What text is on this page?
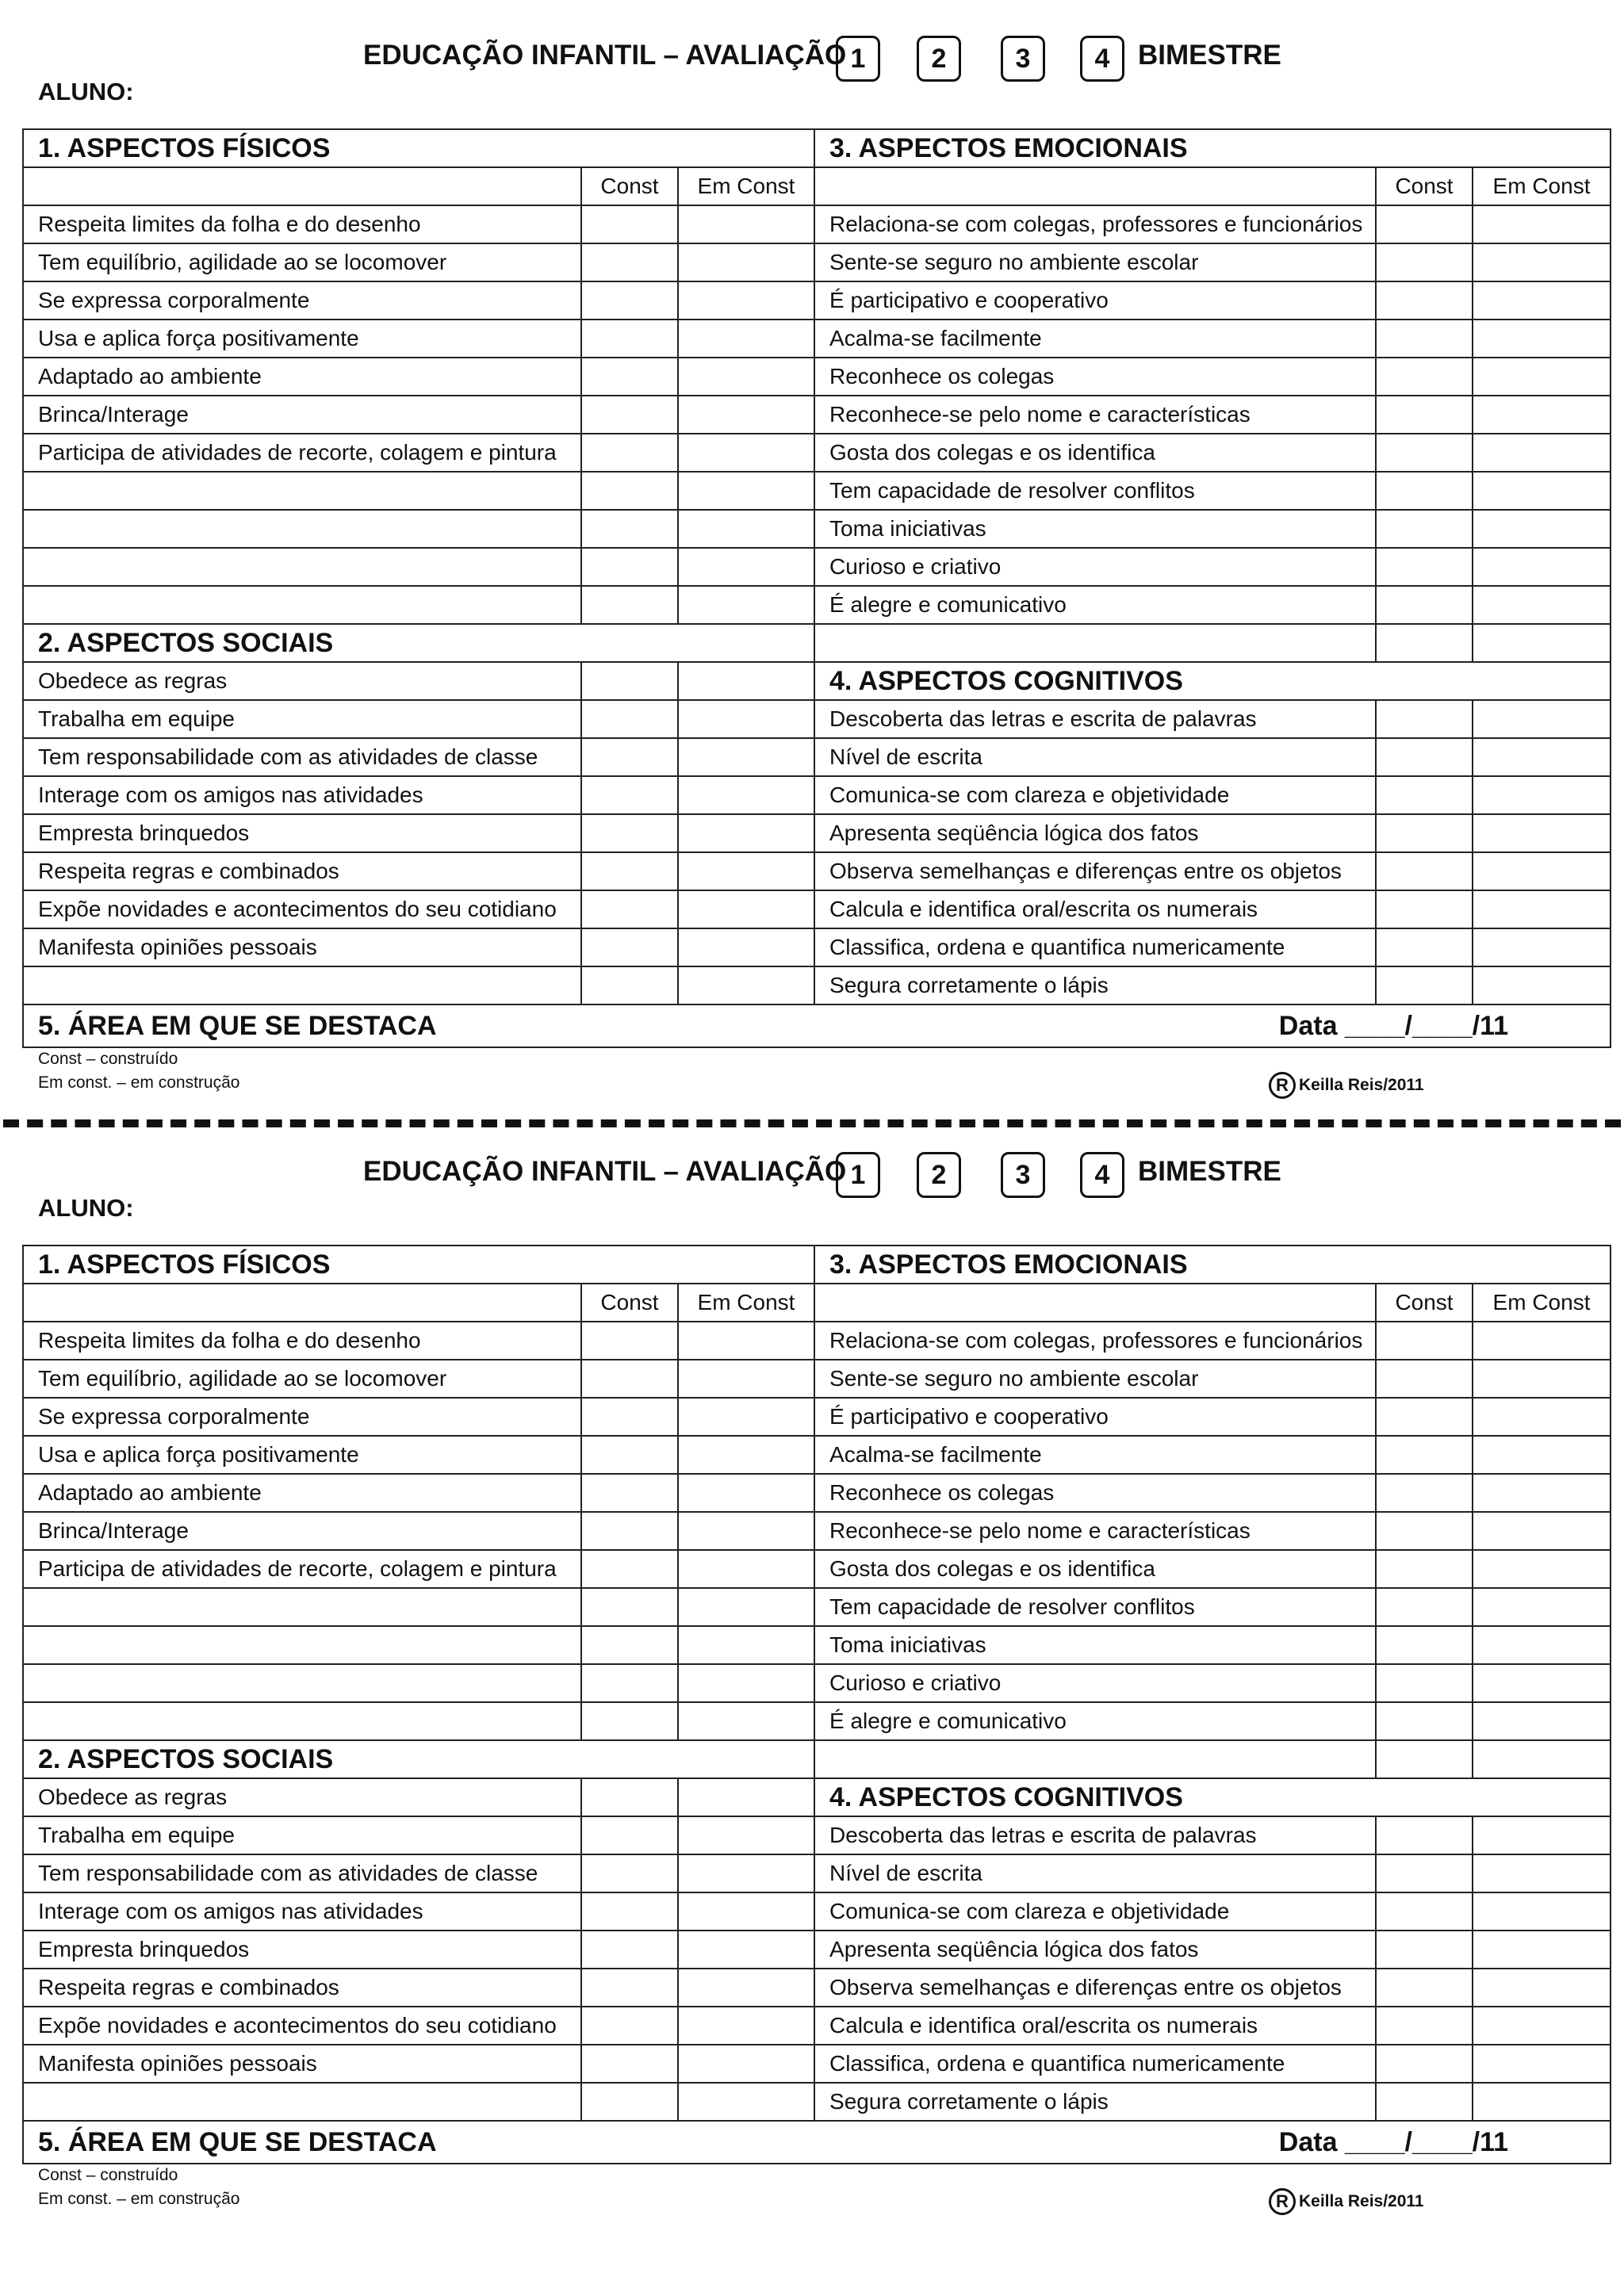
EDUCAÇÃO INFANTIL – AVALIAÇÃO 1	2	3	4	BIMESTRE
ALUNO:
1. ASPECTOS FÍSICOS			3. ASPECTOS EMOCIONAIS		
	Const	Em Const		Const	Em Const
Respeita limites da folha e do desenho			Relaciona-se com colegas, professores e funcionários		
Tem equilíbrio, agilidade ao se locomover			Sente-se seguro no ambiente escolar		
Se expressa corporalmente			É participativo e cooperativo		
Usa e aplica força positivamente			Acalma-se facilmente		
Adaptado ao ambiente			Reconhece os colegas		
Brinca/Interage			Reconhece-se pelo nome e características		
Participa de atividades de recorte, colagem e pintura			Gosta dos colegas e os identifica		
			Tem capacidade de resolver conflitos		
			Toma iniciativas		
			Curioso e criativo		
			É alegre e comunicativo		
2. ASPECTOS SOCIAIS					
Obedece as regras			4. ASPECTOS COGNITIVOS		
Trabalha em equipe			Descoberta das letras e escrita de palavras		
Tem responsabilidade com as atividades de classe			Nível de escrita		
Interage com os amigos nas atividades			Comunica-se com clareza e objetividade		
Empresta brinquedos			Apresenta seqüência lógica dos fatos		
Respeita regras e combinados			Observa semelhanças e diferenças entre os objetos		
Expõe novidades e acontecimentos do seu cotidiano			Calcula e identifica oral/escrita os numerais		
Manifesta opiniões pessoais			Classifica, ordena e quantifica numericamente		
			Segura corretamente o lápis		
5. ÁREA EM QUE SE DESTACA Data ____/____/11					
Const – construído
Em const. – em construção	R Keilla Reis/2011
EDUCAÇÃO INFANTIL – AVALIAÇÃO 1	2	3	4	BIMESTRE
ALUNO:
1. ASPECTOS FÍSICOS			3. ASPECTOS EMOCIONAIS		
	Const	Em Const		Const	Em Const
Respeita limites da folha e do desenho			Relaciona-se com colegas, professores e funcionários		
Tem equilíbrio, agilidade ao se locomover			Sente-se seguro no ambiente escolar		
Se expressa corporalmente			É participativo e cooperativo		
Usa e aplica força positivamente			Acalma-se facilmente		
Adaptado ao ambiente			Reconhece os colegas		
Brinca/Interage			Reconhece-se pelo nome e características		
Participa de atividades de recorte, colagem e pintura			Gosta dos colegas e os identifica		
			Tem capacidade de resolver conflitos		
			Toma iniciativas		
			Curioso e criativo		
			É alegre e comunicativo		
2. ASPECTOS SOCIAIS					
Obedece as regras			4. ASPECTOS COGNITIVOS		
Trabalha em equipe			Descoberta das letras e escrita de palavras		
Tem responsabilidade com as atividades de classe			Nível de escrita		
Interage com os amigos nas atividades			Comunica-se com clareza e objetividade		
Empresta brinquedos			Apresenta seqüência lógica dos fatos		
Respeita regras e combinados			Observa semelhanças e diferenças entre os objetos		
Expõe novidades e acontecimentos do seu cotidiano			Calcula e identifica oral/escrita os numerais		
Manifesta opiniões pessoais			Classifica, ordena e quantifica numericamente		
			Segura corretamente o lápis		
5. ÁREA EM QUE SE DESTACA Data ____/____/11					
Const – construído
Em const. – em construção	R Keilla Reis/2011
